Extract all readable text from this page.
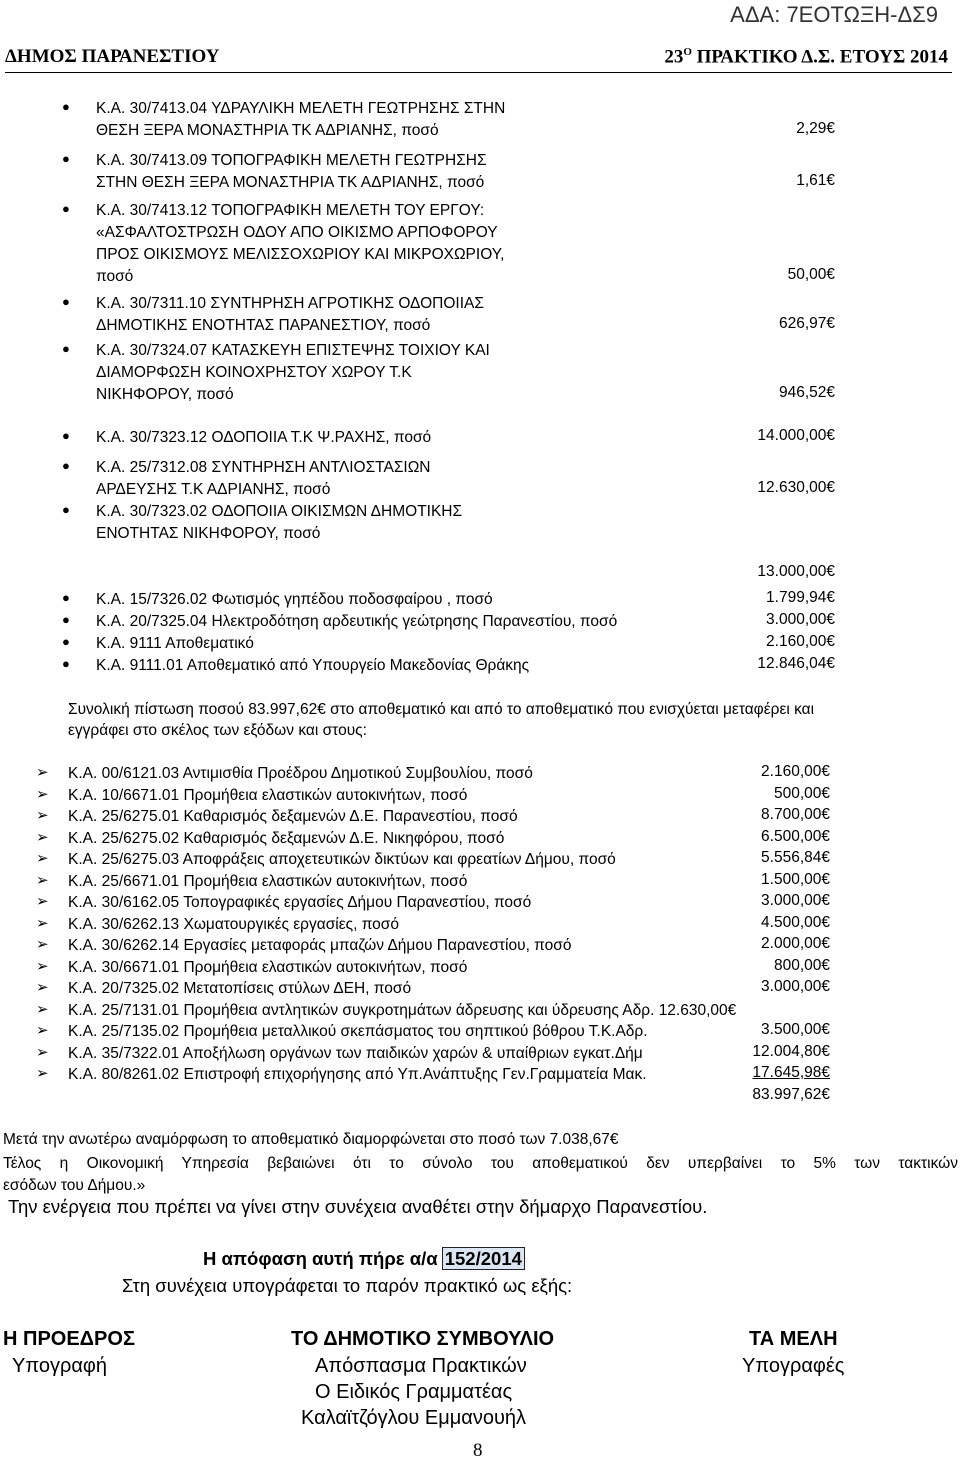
ΑΔΑ: 7ΕΟΤΩΞΗ-ΔΣ9
ΔΗΜΟΣ ΠΑΡΑΝΕΣΤΙΟΥ	$23^O$ ΠΡΑΚΤΙΚΟ Δ.Σ. ΕΤΟΥΣ 2014
● Κ.Α. 30/7413.04 ΥΔΡΑΥΛΙΚΗ ΜΕΛΕΤΗ ΓΕΩΤΡΗΣΗΣ ΣΤΗΝ
ΘΕΣΗ ΞΕΡΑ ΜΟΝΑΣΤΗΡΙΑ ΤΚ ΑΔΡΙΑΝΗΣ, ποσό	2,29€
● Κ.Α. 30/7413.09 ΤΟΠΟΓΡΑΦΙΚΗ ΜΕΛΕΤΗ ΓΕΩΤΡΗΣΗΣ
ΣΤΗΝ ΘΕΣΗ ΞΕΡΑ ΜΟΝΑΣΤΗΡΙΑ ΤΚ ΑΔΡΙΑΝΗΣ, ποσό	1,61€
● Κ.Α. 30/7413.12 ΤΟΠΟΓΡΑΦΙΚΗ ΜΕΛΕΤΗ ΤΟΥ ΕΡΓΟΥ:
«ΑΣΦΑΛΤΟΣΤΡΩΣΗ ΟΔΟΥ ΑΠΟ ΟΙΚΙΣΜΟ ΑΡΠΟΦΟΡΟΥ
ΠΡΟΣ ΟΙΚΙΣΜΟΥΣ ΜΕΛΙΣΣΟΧΩΡΙΟΥ ΚΑΙ ΜΙΚΡΟΧΩΡΙΟΥ,
ποσό	50,00€
● Κ.Α. 30/7311.10 ΣΥΝΤΗΡΗΣΗ ΑΓΡΟΤΙΚΗΣ ΟΔΟΠΟΙΙΑΣ
ΔΗΜΟΤΙΚΗΣ ΕΝΟΤΗΤΑΣ ΠΑΡΑΝΕΣΤΙΟΥ, ποσό	626,97€
● Κ.Α. 30/7324.07 ΚΑΤΑΣΚΕΥΗ ΕΠΙΣΤΕΨΗΣ ΤΟΙΧΙΟΥ ΚΑΙ
ΔΙΑΜΟΡΦΩΣΗ ΚΟΙΝΟΧΡΗΣΤΟΥ ΧΩΡΟΥ Τ.Κ
ΝΙΚΗΦΟΡΟΥ, ποσό	946,52€
● Κ.Α. 30/7323.12 ΟΔΟΠΟΙΙΑ Τ.Κ Ψ.ΡΑΧΗΣ, ποσό	14.000,00€
● Κ.Α. 25/7312.08 ΣΥΝΤΗΡΗΣΗ ΑΝΤΛΙΟΣΤΑΣΙΩΝ
ΑΡΔΕΥΣΗΣ Τ.Κ ΑΔΡΙΑΝΗΣ, ποσό	12.630,00€
● Κ.Α. 30/7323.02 ΟΔΟΠΟΙΙΑ ΟΙΚΙΣΜΩΝ ΔΗΜΟΤΙΚΗΣ
ΕΝΟΤΗΤΑΣ ΝΙΚΗΦΟΡΟΥ, ποσό
13.000,00€
● Κ.Α. 15/7326.02 Φωτισμός γηπέδου ποδοσφαίρου , ποσό	1.799,94€
● Κ.Α. 20/7325.04 Ηλεκτροδότηση αρδευτικής γεώτρησης Παρανεστίου, ποσό	3.000,00€
● Κ.Α. 9111 Αποθεματικό	2.160,00€
● Κ.Α. 9111.01 Αποθεματικό από Υπουργείο Μακεδονίας Θράκης	12.846,04€
Συνολική πίστωση ποσού 83.997,62€ στο αποθεματικό και από το αποθεματικό που ενισχύεται μεταφέρει και
εγγράφει στο σκέλος των εξόδων και στους:
➢ Κ.Α. 00/6121.03 Αντιμισθία Προέδρου Δημοτικού Συμβουλίου, ποσό	2.160,00€
➢ Κ.Α. 10/6671.01 Προμήθεια ελαστικών αυτοκινήτων, ποσό	500,00€
➢ Κ.Α. 25/6275.01 Καθαρισμός δεξαμενών Δ.Ε. Παρανεστίου, ποσό	8.700,00€
➢ Κ.Α. 25/6275.02 Καθαρισμός δεξαμενών Δ.Ε. Νικηφόρου, ποσό	6.500,00€
➢ Κ.Α. 25/6275.03 Αποφράξεις αποχετευτικών δικτύων και φρεατίων Δήμου, ποσό	5.556,84€
➢ Κ.Α. 25/6671.01 Προμήθεια ελαστικών αυτοκινήτων, ποσό	1.500,00€
➢ Κ.Α. 30/6162.05 Τοπογραφικές εργασίες Δήμου Παρανεστίου, ποσό	3.000,00€
➢ Κ.Α. 30/6262.13 Χωματουργικές εργασίες, ποσό	4.500,00€
➢ Κ.Α. 30/6262.14 Εργασίες μεταφοράς μπαζών Δήμου Παρανεστίου, ποσό	2.000,00€
➢ Κ.Α. 30/6671.01 Προμήθεια ελαστικών αυτοκινήτων, ποσό	800,00€
➢ Κ.Α. 20/7325.02 Μετατοπίσεις στύλων ΔΕΗ, ποσό	3.000,00€
➢ Κ.Α. 25/7131.01 Προμήθεια αντλητικών συγκροτημάτων άδρευσης και ύδρευσης Αδρ. 12.630,00€
➢ Κ.Α. 25/7135.02 Προμήθεια μεταλλικού σκεπάσματος του σηπτικού βόθρου Τ.Κ.Αδρ.	3.500,00€
➢ Κ.Α. 35/7322.01 Αποξήλωση οργάνων των παιδικών χαρών & υπαίθριων εγκατ.Δήμ	12.004,80€
➢ Κ.Α. 80/8261.02 Επιστροφή επιχορήγησης από Υπ.Ανάπτυξης Γεν.Γραμματεία Μακ.	17.645,98€
83.997,62€
Μετά την ανωτέρω αναμόρφωση το αποθεματικό διαμορφώνεται στο ποσό των 7.038,67€
Τέλος η Οικονομική Υπηρεσία βεβαιώνει ότι το σύνολο του αποθεματικού δεν υπερβαίνει το 5% των τακτικών
εσόδων του Δήμου.»
Την ενέργεια που πρέπει να γίνει στην συνέχεια αναθέτει στην δήμαρχο Παρανεστίου.
Η απόφαση αυτή πήρε α/α 152/2014
Στη συνέχεια υπογράφεται το παρόν πρακτικό ως εξής:
Η ΠΡΟΕΔΡΟΣ
Υπογραφή
ΤΟ ΔΗΜΟΤΙΚΟ ΣΥΜΒΟΥΛΙΟ
Απόσπασμα Πρακτικών
Ο Ειδικός Γραμματέας
Καλαϊτζόγλου Εμμανουήλ
ΤΑ ΜΕΛΗ
Υπογραφές
8
